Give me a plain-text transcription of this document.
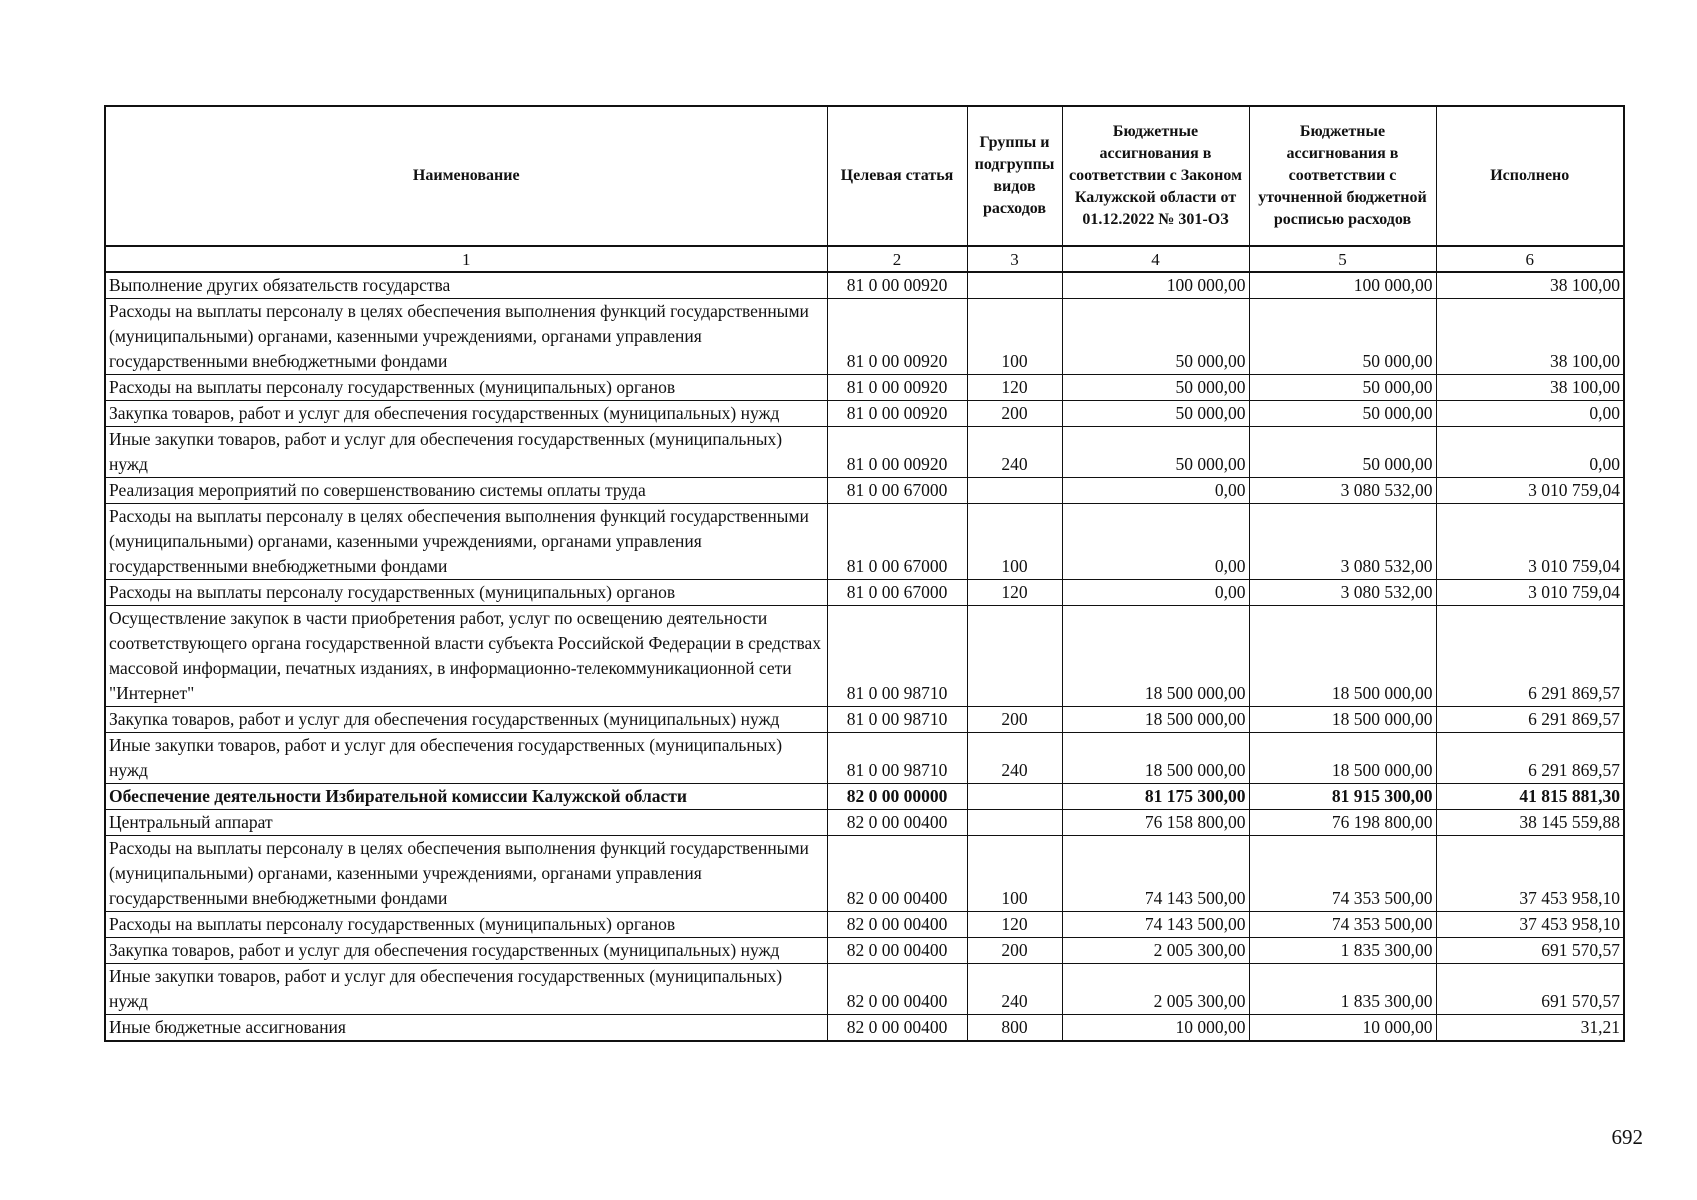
Наименование	Целевая статья	Группы и подгруппы видов расходов	Бюджетные ассигнования в соответствии с Законом Калужской области от 01.12.2022 № 301-ОЗ	Бюджетные ассигнования в соответствии с уточненной бюджетной росписью расходов	Исполнено
1	2	3	4	5	6
Выполнение других обязательств государства	81 0 00 00920		100 000,00	100 000,00	38 100,00
Расходы на выплаты персоналу в целях обеспечения выполнения функций государственными (муниципальными) органами, казенными учреждениями, органами управления государственными внебюджетными фондами	81 0 00 00920	100	50 000,00	50 000,00	38 100,00
Расходы на выплаты персоналу государственных (муниципальных) органов	81 0 00 00920	120	50 000,00	50 000,00	38 100,00
Закупка товаров, работ и услуг для обеспечения государственных (муниципальных) нужд	81 0 00 00920	200	50 000,00	50 000,00	0,00
Иные закупки товаров, работ и услуг для обеспечения государственных (муниципальных) нужд	81 0 00 00920	240	50 000,00	50 000,00	0,00
Реализация мероприятий по совершенствованию системы оплаты труда	81 0 00 67000		0,00	3 080 532,00	3 010 759,04
Расходы на выплаты персоналу в целях обеспечения выполнения функций государственными (муниципальными) органами, казенными учреждениями, органами управления государственными внебюджетными фондами	81 0 00 67000	100	0,00	3 080 532,00	3 010 759,04
Расходы на выплаты персоналу государственных (муниципальных) органов	81 0 00 67000	120	0,00	3 080 532,00	3 010 759,04
Осуществление закупок в части приобретения работ, услуг по освещению деятельности соответствующего органа государственной власти субъекта Российской Федерации в средствах массовой информации, печатных изданиях, в информационно-телекоммуникационной сети "Интернет"	81 0 00 98710		18 500 000,00	18 500 000,00	6 291 869,57
Закупка товаров, работ и услуг для обеспечения государственных (муниципальных) нужд	81 0 00 98710	200	18 500 000,00	18 500 000,00	6 291 869,57
Иные закупки товаров, работ и услуг для обеспечения государственных (муниципальных) нужд	81 0 00 98710	240	18 500 000,00	18 500 000,00	6 291 869,57
Обеспечение деятельности Избирательной комиссии Калужской области	82 0 00 00000		81 175 300,00	81 915 300,00	41 815 881,30
Центральный аппарат	82 0 00 00400		76 158 800,00	76 198 800,00	38 145 559,88
Расходы на выплаты персоналу в целях обеспечения выполнения функций государственными (муниципальными) органами, казенными учреждениями, органами управления государственными внебюджетными фондами	82 0 00 00400	100	74 143 500,00	74 353 500,00	37 453 958,10
Расходы на выплаты персоналу государственных (муниципальных) органов	82 0 00 00400	120	74 143 500,00	74 353 500,00	37 453 958,10
Закупка товаров, работ и услуг для обеспечения государственных (муниципальных) нужд	82 0 00 00400	200	2 005 300,00	1 835 300,00	691 570,57
Иные закупки товаров, работ и услуг для обеспечения государственных (муниципальных) нужд	82 0 00 00400	240	2 005 300,00	1 835 300,00	691 570,57
Иные бюджетные ассигнования	82 0 00 00400	800	10 000,00	10 000,00	31,21
692
